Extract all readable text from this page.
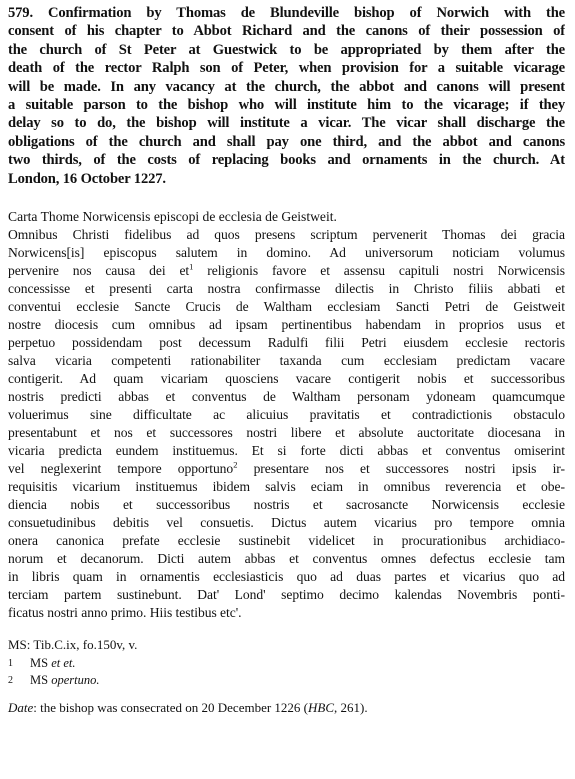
579. Confirmation by Thomas de Blundeville bishop of Norwich with the
consent of his chapter to Abbot Richard and the canons of their possession of
the church of St Peter at Guestwick to be appropriated by them after the
death of the rector Ralph son of Peter, when provision for a suitable vicarage
will be made. In any vacancy at the church, the abbot and canons will present
a suitable parson to the bishop who will institute him to the vicarage; if they
delay so to do, the bishop will institute a vicar. The vicar shall discharge the
obligations of the church and shall pay one third, and the abbot and canons
two thirds, of the costs of replacing books and ornaments in the church. At
London, 16 October 1227.

Carta Thome Norwicensis episcopi de ecclesia de Geistweit.

Omnibus Christi fidelibus ad quos presens scriptum pervenerit Thomas dei gracia
Norwicens[is] episcopus salutem in domino. Ad universorum noticiam volumus
pervenire nos causa dei $et^1$ religionis favore et assensu capituli nostri Norwicensis
concessisse et presenti carta nostra confirmasse dilectis in Christo filiis abbati et
conventui ecclesie Sancte Crucis de Waltham ecclesiam Sancti Petri de Geistweit
nostre diocesis cum omnibus ad ipsam pertinentibus habendam in proprios usus et
perpetuo possidendam post decessum Radulfi filii Petri eiusdem ecclesie rectoris
salva vicaria competenti rationabiliter taxanda cum ecclesiam predictam vacare
contigerit. Ad quam vicariam quosciens vacare contigerit nobis et successoribus
nostris predicti abbas et conventus de Waltham personam ydoneam quamcumque
voluerimus sine difficultate ac alicuius pravitatis et contradictionis obstaculo
presentabunt et nos et successores nostri libere et absolute auctoritate diocesana in
vicaria predicta eundem instituemus. Et si forte dicti abbas et conventus omiserint
vel neglexerint tempore opportuno$^2$ presentare nos et successores nostri ipsis ir-
requisitis vicarium instituemus ibidem salvis eciam in omnibus reverencia et obe-
diencia nobis et successoribus nostris et sacrosancte Norwicensis ecclesie
consuetudinibus debitis vel consuetis. Dictus autem vicarius pro tempore omnia
onera canonica prefate ecclesie sustinebit videlicet in procurationibus archidiaco-
norum et decanorum. Dicti autem abbas et conventus omnes defectus ecclesie tam
in libris quam in ornamentis ecclesiasticis quo ad duas partes et vicarius quo ad
terciam partem sustinebunt. Dat' Lond' septimo decimo kalendas Novembris ponti-
ficatus nostri anno primo. Hiis testibus etc'.

MS: Tib.C.ix, fo.150v, v.

1	MS et et.
2	MS opertuno.

Date: the bishop was consecrated on 20 December 1226 (HBC, 261).
